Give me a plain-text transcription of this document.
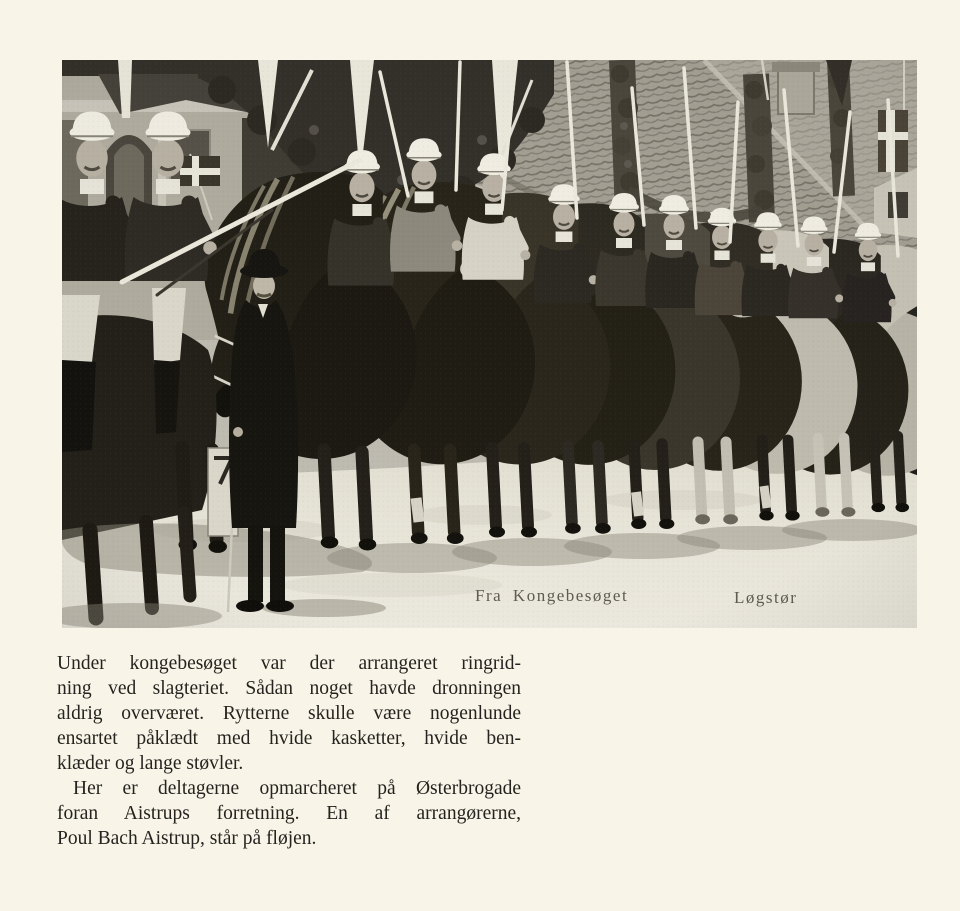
Under kongebesøget var der arrangeret ringrid-
ning ved slagteriet. Sådan noget havde dronningen
aldrig overværet. Rytterne skulle være nogenlunde
ensartet påklædt med hvide kasketter, hvide ben-
klæder og lange støvler.

Her er deltagerne opmarcheret på Østerbrogade
foran Aistrups forretning. En af arrangørerne,
Poul Bach Aistrup, står på fløjen.
